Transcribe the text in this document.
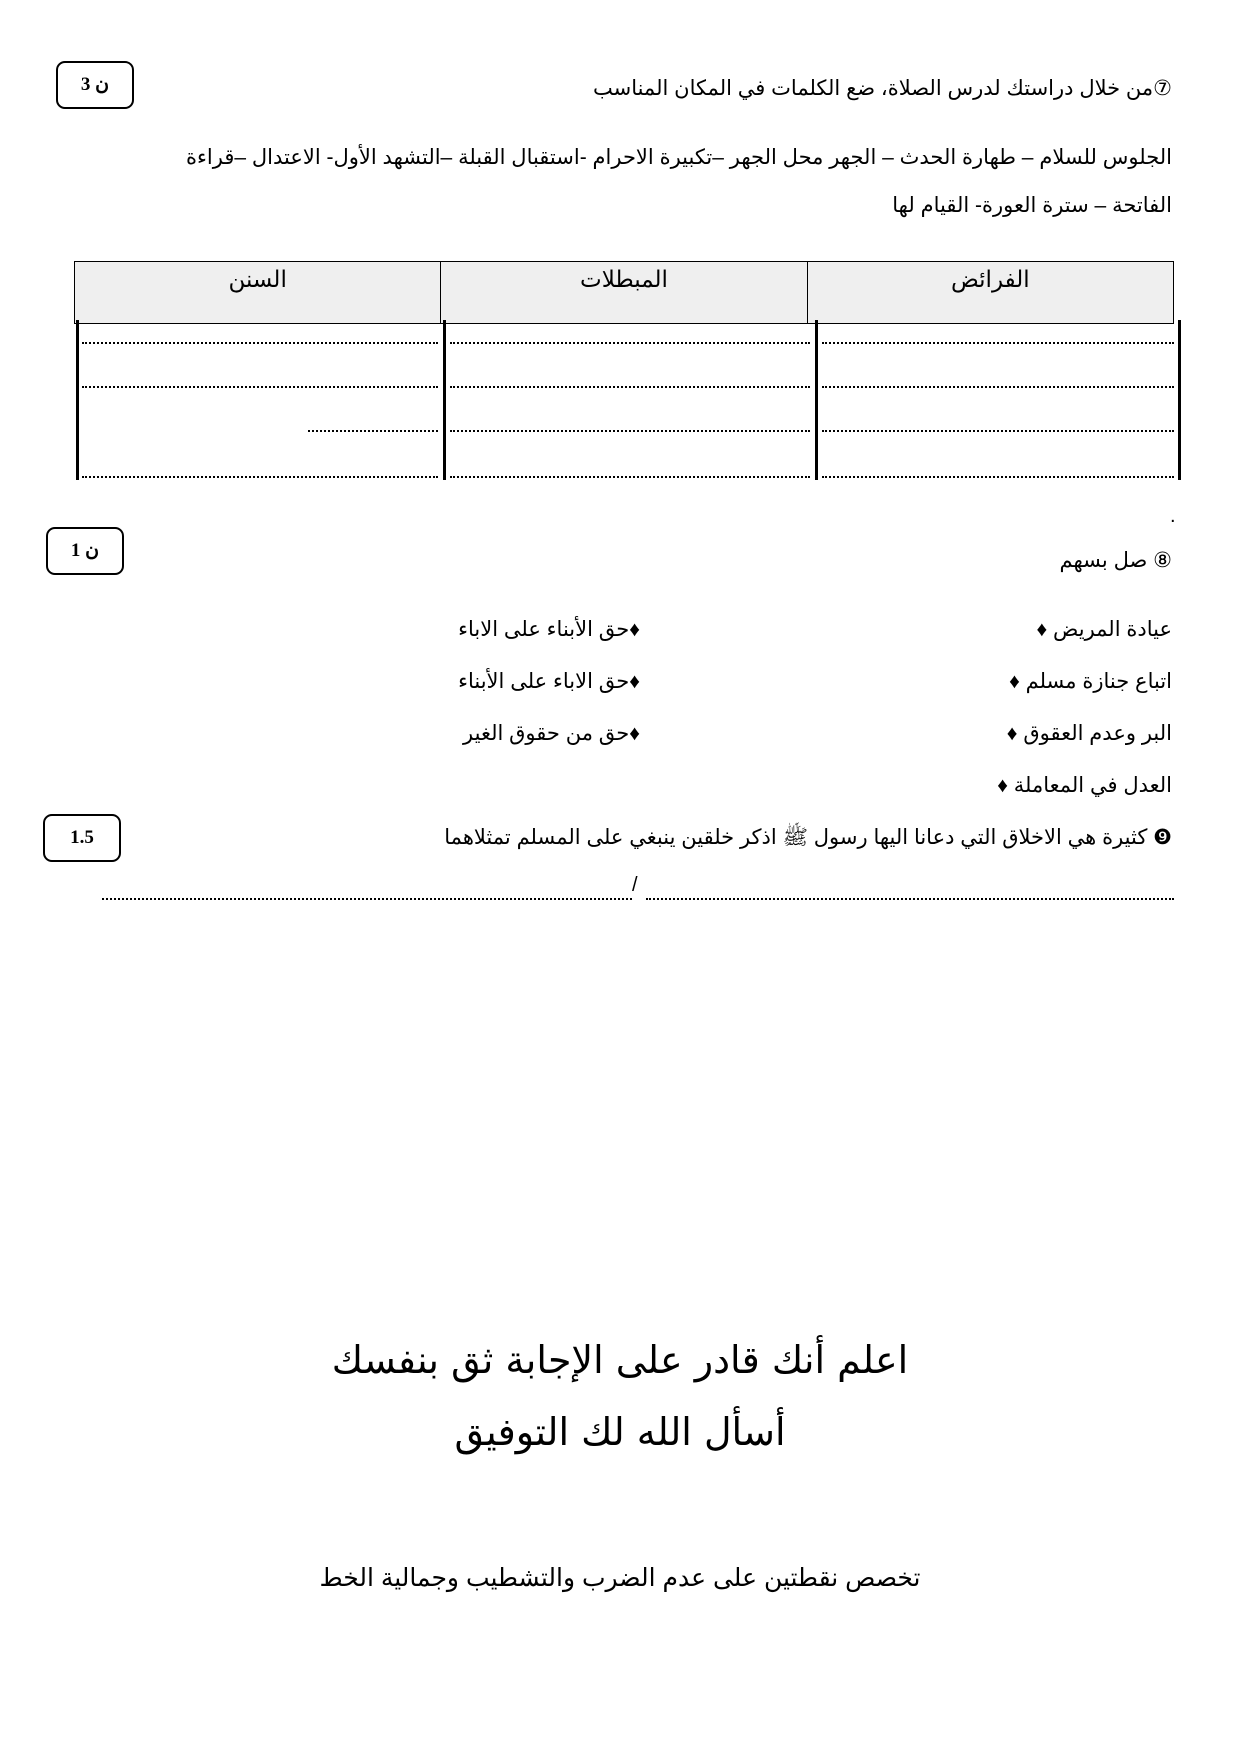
3 ن	⑦من خلال دراستك لدرس الصلاة، ضع الكلمات في المكان المناسب
الجلوس للسلام – طهارة الحدث – الجهر محل الجهر –تكبيرة الاحرام -استقبال القبلة –التشهد الأول- الاعتدال –قراءة
الفاتحة – سترة العورة- القيام لها
السنن	المبطلات	الفرائض
.
1 ن	⑧ صل بسهم
عيادة المريض ♦
اتباع جنازة مسلم ♦
البر وعدم العقوق ♦
العدل في المعاملة ♦
♦حق الأبناء على الاباء
♦حق الاباء على الأبناء
♦حق من حقوق الغير
1.5	❾ كثيرة هي الاخلاق التي دعانا اليها رسول ﷺ اذكر خلقين ينبغي على المسلم تمثلاهما
/
اعلم أنك قادر على الإجابة ثق بنفسك
أسأل الله لك التوفيق
تخصص نقطتين على عدم الضرب والتشطيب وجمالية الخط
